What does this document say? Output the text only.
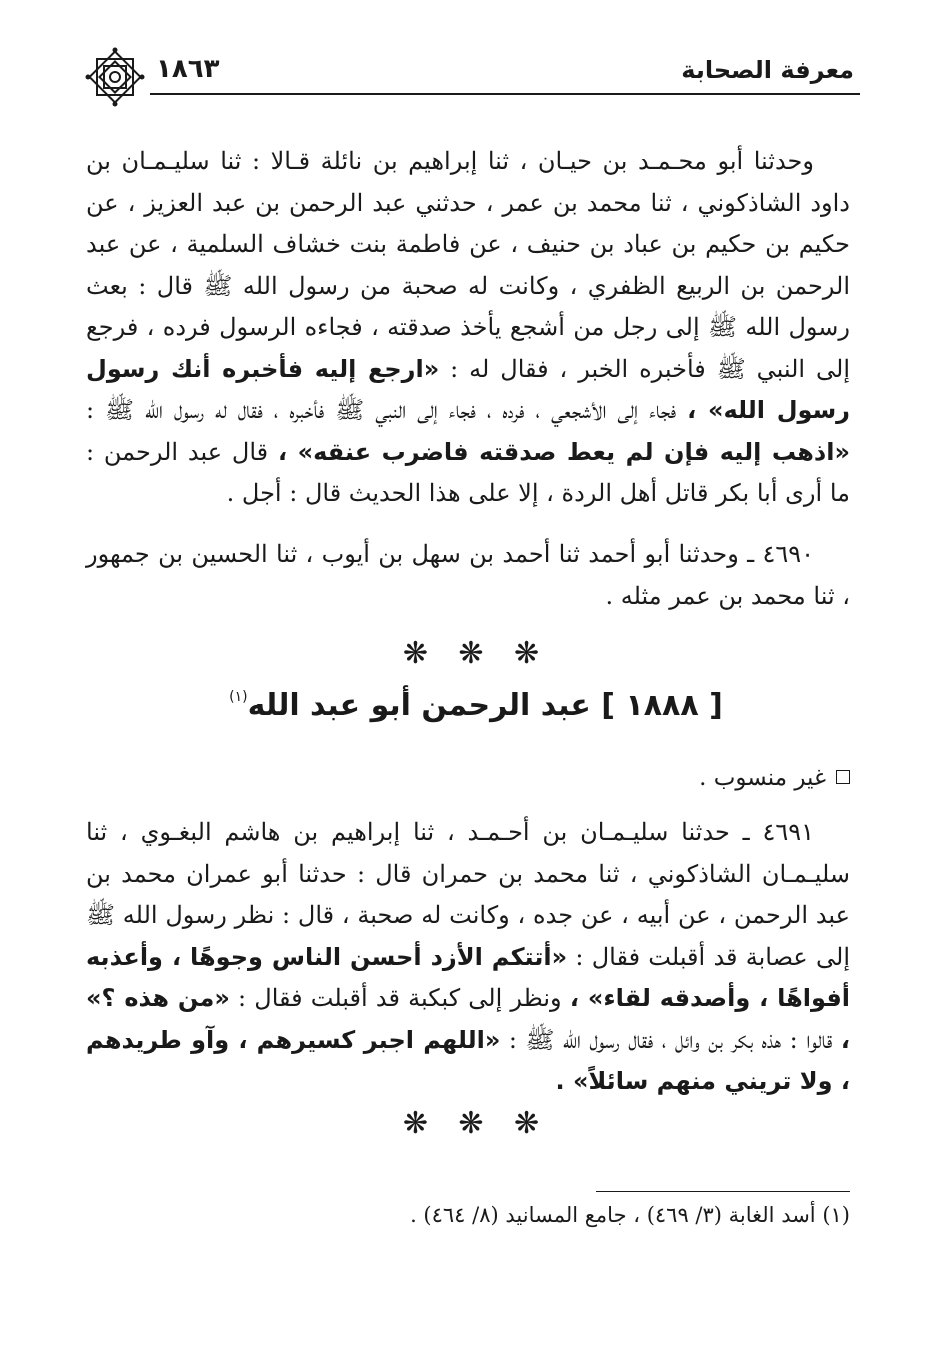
معرفة الصحابة
١٨٦٣

وحدثنا أبو محـمـد بن حيـان ، ثنا إبراهيم بن نائلة قـالا : ثنا سليـمـان بن داود الشاذكوني ، ثنا محمد بن عمر ، حدثني عبد الرحمن بن عبد العزيز ، عن حكيم بن حكيم بن عباد بن حنيف ، عن فاطمة بنت خشاف السلمية ، عن عبد الرحمن بن الربيع الظفري ، وكانت له صحبة من رسول الله ﷺ قال : بعث رسول الله ﷺ إلى رجل من أشجع يأخذ صدقته ، فجاءه الرسول فرده ، فرجع إلى النبي ﷺ فأخبره الخبر ، فقال له : «ارجع إليه فأخبره أنك رسول رسول الله» ، فجاء إلى الأشجعي ، فرده ، فجاء إلى النبي ﷺ فأخبره ، فقال له رسول الله ﷺ : «اذهب إليه فإن لم يعط صدقته فاضرب عنقه» ، قال عبد الرحمن : ما أرى أبا بكر قاتل أهل الردة ، إلا على هذا الحديث قال : أجل .

٤٦٩٠ ـ وحدثنا أبو أحمد ثنا أحمد بن سهل بن أيوب ، ثنا الحسين بن جمهور ، ثنا محمد بن عمر مثله .

❋ ❋ ❋
[ ١٨٨٨ ] عبد الرحمن أبو عبد الله$^{(١)}$
غير منسوب .

٤٦٩١ ـ حدثنا سليـمـان بن أحـمـد ، ثنا إبراهيم بن هاشم البغـوي ، ثنا سليـمـان الشاذكوني ، ثنا محمد بن حمران قال : حدثنا أبو عمران محمد بن عبد الرحمن ، عن أبيه ، عن جده ، وكانت له صحبة ، قال : نظر رسول الله ﷺ إلى عصابة قد أقبلت فقال : «أتتكم الأزد أحسن الناس وجوهًا ، وأعذبه أفواهًا ، وأصدقه لقاء» ، ونظر إلى كبكبة قد أقبلت فقال : «من هذه ؟» ، قالوا : هذه بكر بن وائل ، فقال رسول الله ﷺ : «اللهم اجبر كسيرهم ، وآو طريدهم ، ولا تريني منهم سائلاً» .

❋ ❋ ❋
(١) أسد الغابة (٣/ ٤٦٩) ، جامع المسانيد (٨/ ٤٦٤) .
